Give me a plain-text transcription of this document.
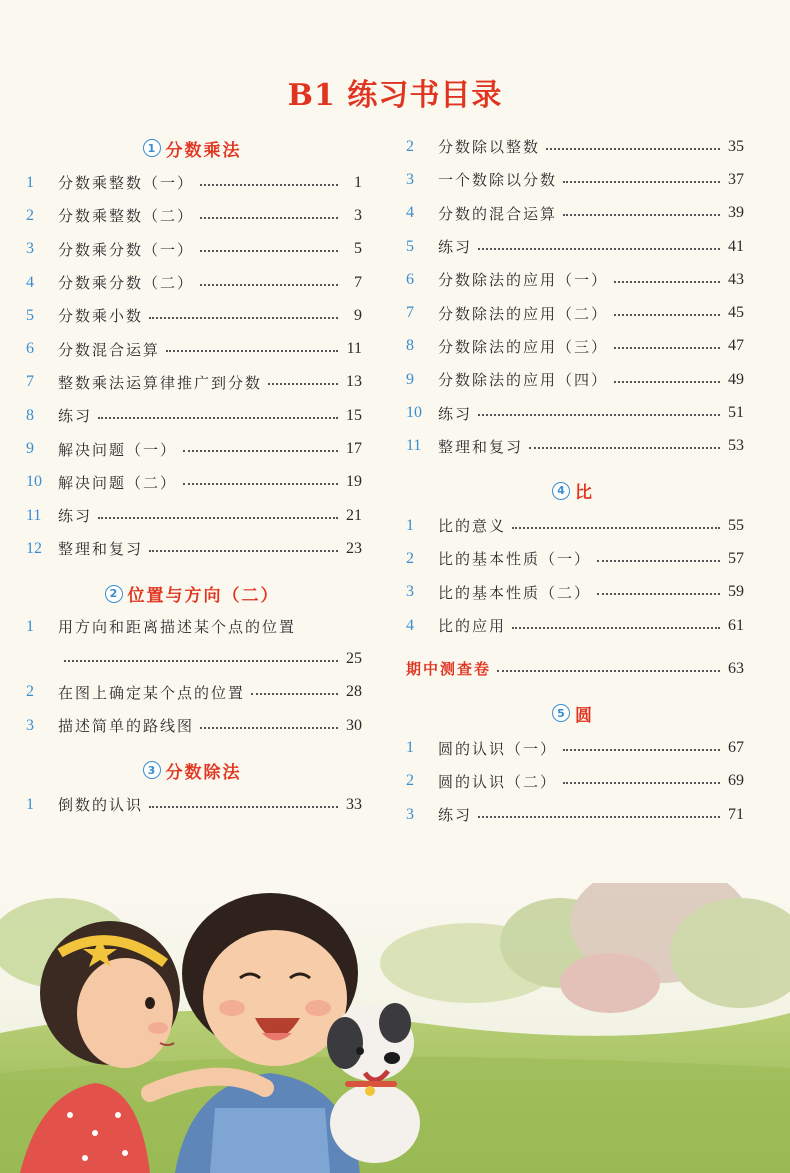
B1 练习书目录
1 分数乘法
1	分数乘整数（一）	1
2	分数乘整数（二）	3
3	分数乘分数（一）	5
4	分数乘分数（二）	7
5	分数乘小数	9
6	分数混合运算	11
7	整数乘法运算律推广到分数	13
8	练习	15
9	解决问题（一）	17
10	解决问题（二）	19
11	练习	21
12	整理和复习	23
2 位置与方向（二）
1	用方向和距离描述某个点的位置
25
2	在图上确定某个点的位置	28
3	描述简单的路线图	30
3 分数除法
1	倒数的认识	33
2	分数除以整数	35
3	一个数除以分数	37
4	分数的混合运算	39
5	练习	41
6	分数除法的应用（一）	43
7	分数除法的应用（二）	45
8	分数除法的应用（三）	47
9	分数除法的应用（四）	49
10	练习	51
11	整理和复习	53
4 比
1	比的意义	55
2	比的基本性质（一）	57
3	比的基本性质（二）	59
4	比的应用	61
期中测查卷	63
5 圆
1	圆的认识（一）	67
2	圆的认识（二）	69
3	练习	71
